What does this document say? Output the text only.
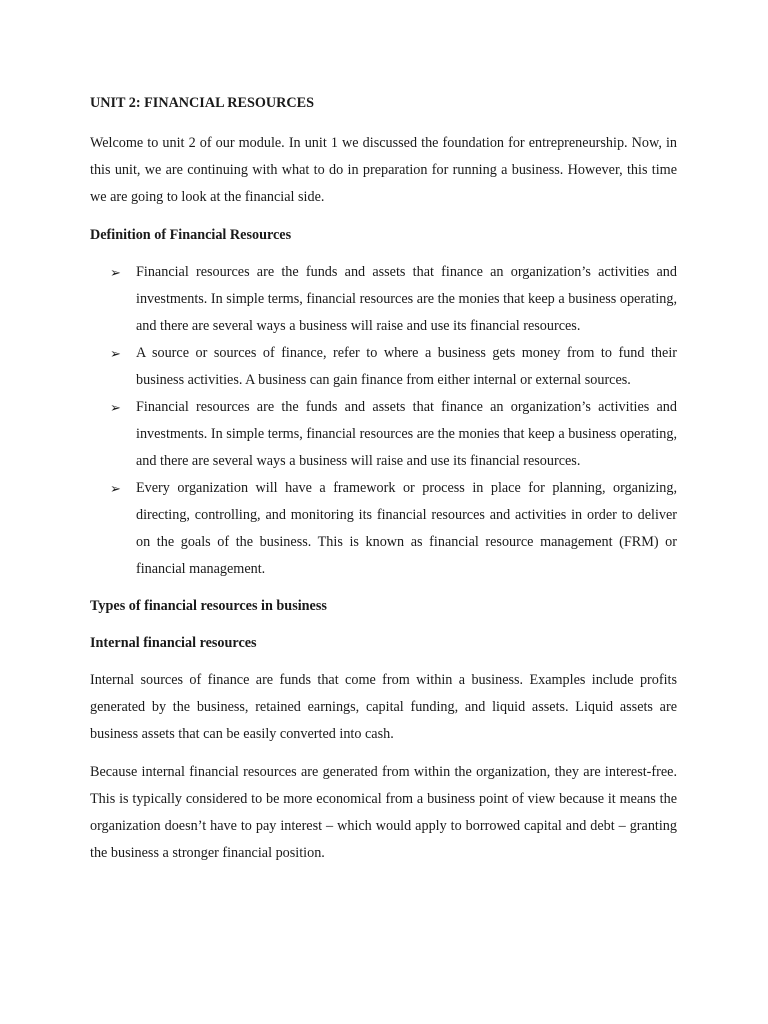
UNIT 2: FINANCIAL RESOURCES

Welcome to unit 2 of our module. In unit 1 we discussed the foundation for entrepreneurship. Now, in this unit, we are continuing with what to do in preparation for running a business. However, this time we are going to look at the financial side.

Definition of Financial Resources
➢ Financial resources are the funds and assets that finance an organization’s activities and investments. In simple terms, financial resources are the monies that keep a business operating, and there are several ways a business will raise and use its financial resources.
➢ A source or sources of finance, refer to where a business gets money from to fund their business activities. A business can gain finance from either internal or external sources.
➢ Financial resources are the funds and assets that finance an organization’s activities and investments. In simple terms, financial resources are the monies that keep a business operating, and there are several ways a business will raise and use its financial resources.
➢ Every organization will have a framework or process in place for planning, organizing, directing, controlling, and monitoring its financial resources and activities in order to deliver on the goals of the business. This is known as financial resource management (FRM) or financial management.
Types of financial resources in business
Internal financial resources

Internal sources of finance are funds that come from within a business. Examples include profits generated by the business, retained earnings, capital funding, and liquid assets. Liquid assets are business assets that can be easily converted into cash.

Because internal financial resources are generated from within the organization, they are interest-free. This is typically considered to be more economical from a business point of view because it means the organization doesn’t have to pay interest – which would apply to borrowed capital and debt – granting the business a stronger financial position.
